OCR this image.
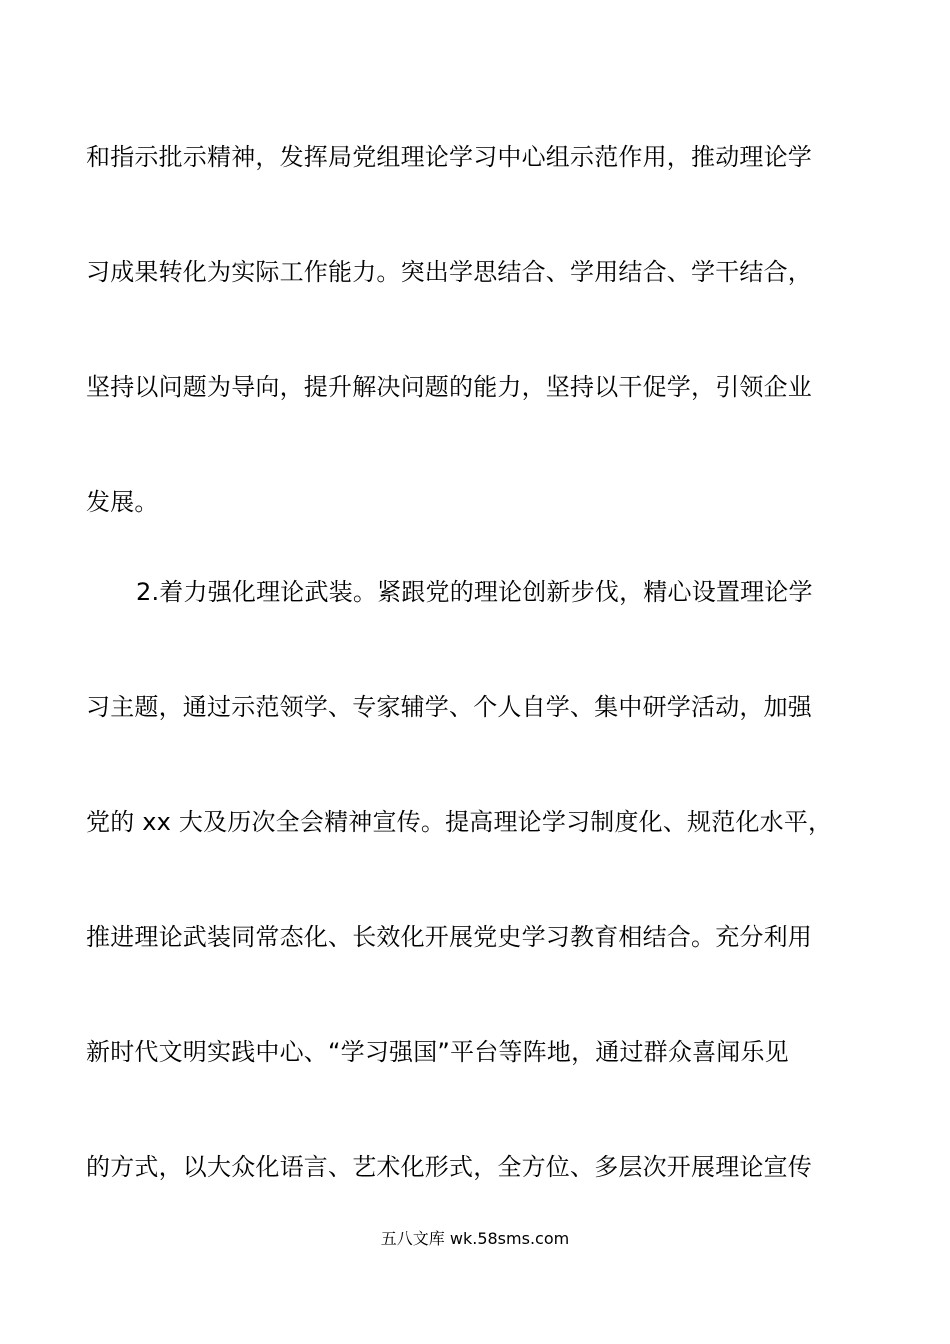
和指示批示精神，发挥局党组理论学习中心组示范作用，推动理论学
习成果转化为实际工作能力。突出学思结合、学用结合、学干结合，
坚持以问题为导向，提升解决问题的能力，坚持以干促学，引领企业
发展。
2.着力强化理论武装。紧跟党的理论创新步伐，精心设置理论学
习主题，通过示范领学、专家辅学、个人自学、集中研学活动，加强
党的 xx 大及历次全会精神宣传。提高理论学习制度化、规范化水平，
推进理论武装同常态化、长效化开展党史学习教育相结合。充分利用
新时代文明实践中心、“学习强国”平台等阵地，通过群众喜闻乐见
的方式，以大众化语言、艺术化形式，全方位、多层次开展理论宣传
五八文库 wk.58sms.com
